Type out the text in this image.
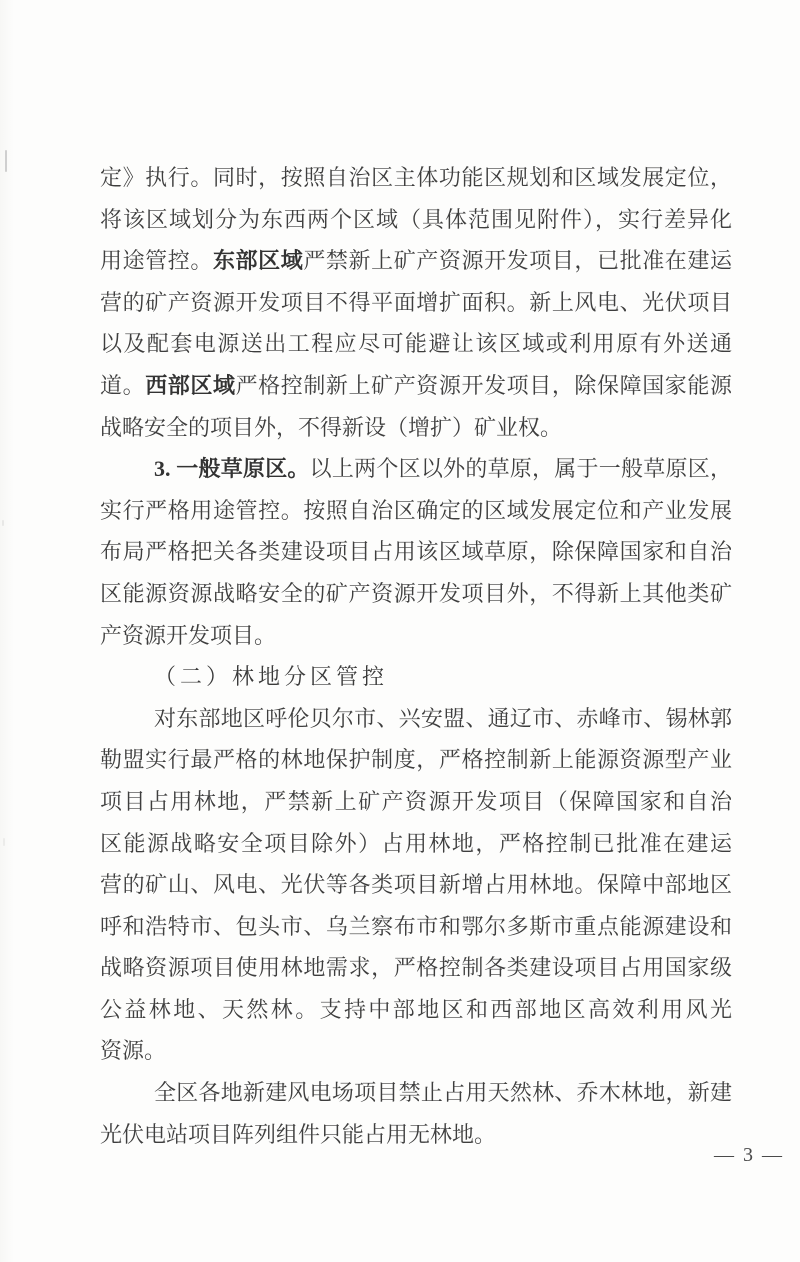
定》执行。同时，按照自治区主体功能区规划和区域发展定位，
将该区域划分为东西两个区域（具体范围见附件），实行差异化
用途管控。东部区域严禁新上矿产资源开发项目，已批准在建运
营的矿产资源开发项目不得平面增扩面积。新上风电、光伏项目
以及配套电源送出工程应尽可能避让该区域或利用原有外送通
道。西部区域严格控制新上矿产资源开发项目，除保障国家能源
战略安全的项目外，不得新设（增扩）矿业权。
3. 一般草原区。以上两个区以外的草原，属于一般草原区，
实行严格用途管控。按照自治区确定的区域发展定位和产业发展
布局严格把关各类建设项目占用该区域草原，除保障国家和自治
区能源资源战略安全的矿产资源开发项目外，不得新上其他类矿
产资源开发项目。
（二）林地分区管控
对东部地区呼伦贝尔市、兴安盟、通辽市、赤峰市、锡林郭
勒盟实行最严格的林地保护制度，严格控制新上能源资源型产业
项目占用林地，严禁新上矿产资源开发项目（保障国家和自治
区能源战略安全项目除外）占用林地，严格控制已批准在建运
营的矿山、风电、光伏等各类项目新增占用林地。保障中部地区
呼和浩特市、包头市、乌兰察布市和鄂尔多斯市重点能源建设和
战略资源项目使用林地需求，严格控制各类建设项目占用国家级
公益林地、天然林。支持中部地区和西部地区高效利用风光
资源。
全区各地新建风电场项目禁止占用天然林、乔木林地，新建
光伏电站项目阵列组件只能占用无林地。
— 3 —
